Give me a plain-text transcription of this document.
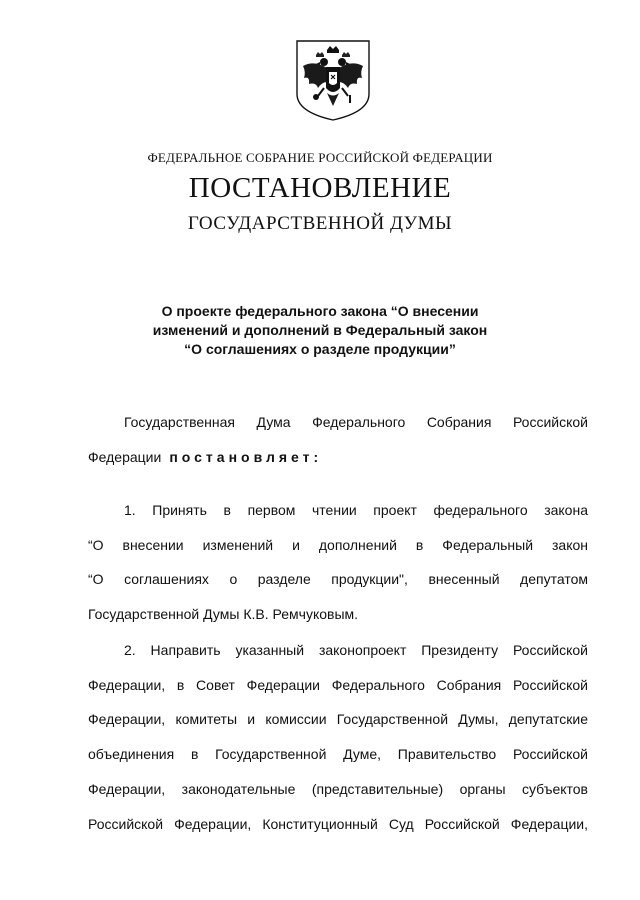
ФЕДЕРАЛЬНОЕ СОБРАНИЕ РОССИЙСКОЙ ФЕДЕРАЦИИ
ПОСТАНОВЛЕНИЕ
ГОСУДАРСТВЕННОЙ ДУМЫ
О проекте федерального закона “О внесении
изменений и дополнений в Федеральный закон
“О соглашениях о разделе продукции”
Государственная Дума Федерального Собрания Российской
Федерации постановляет:
1. Принять в первом чтении проект федерального закона
“О внесении изменений и дополнений в Федеральный закон
“О соглашениях о разделе продукции", внесенный депутатом
Государственной Думы К.В. Ремчуковым.
2. Направить указанный законопроект Президенту Российской
Федерации, в Совет Федерации Федерального Собрания Российской
Федерации, комитеты и комиссии Государственной Думы, депутатские
объединения в Государственной Думе, Правительство Российской
Федерации, законодательные (представительные) органы субъектов
Российской Федерации, Конституционный Суд Российской Федерации,
